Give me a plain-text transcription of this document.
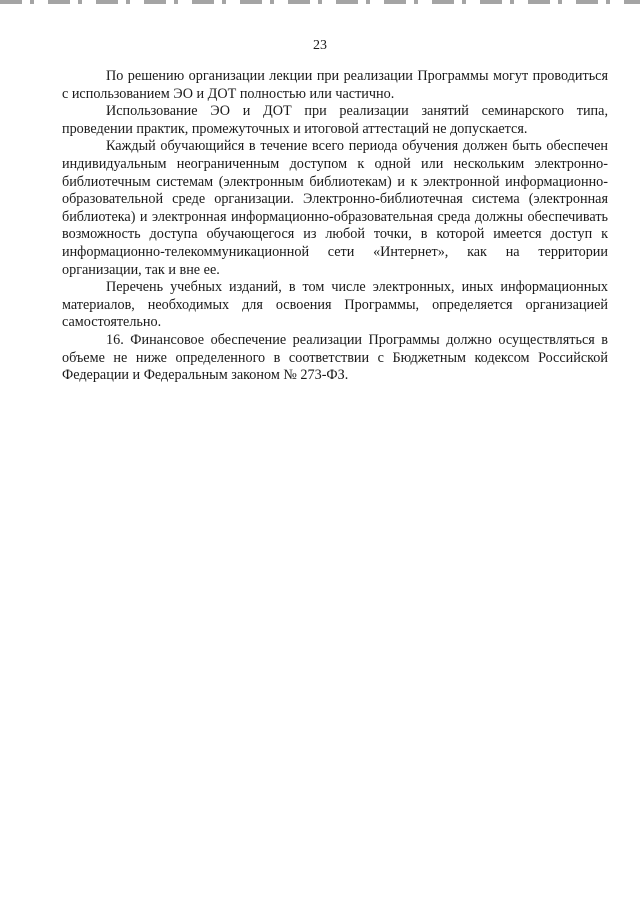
23

По решению организации лекции при реализации Программы могут проводиться с использованием ЭО и ДОТ полностью или частично.

Использование ЭО и ДОТ при реализации занятий семинарского типа, проведении практик, промежуточных и итоговой аттестаций не допускается.

Каждый обучающийся в течение всего периода обучения должен быть обеспечен индивидуальным неограниченным доступом к одной или нескольким электронно-библиотечным системам (электронным библиотекам) и к электронной информационно-образовательной среде организации. Электронно-библиотечная система (электронная библиотека) и электронная информационно-образовательная среда должны обеспечивать возможность доступа обучающегося из любой точки, в которой имеется доступ к информационно-телекоммуникационной сети «Интернет», как на территории организации, так и вне ее.

Перечень учебных изданий, в том числе электронных, иных информационных материалов, необходимых для освоения Программы, определяется организацией самостоятельно.

16. Финансовое обеспечение реализации Программы должно осуществляться в объеме не ниже определенного в соответствии с Бюджетным кодексом Российской Федерации и Федеральным законом № 273-ФЗ.
